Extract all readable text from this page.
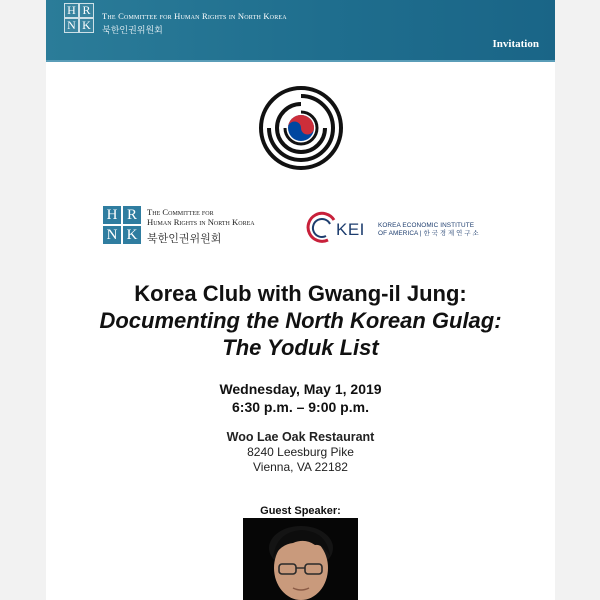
H R
N K
The Committee for Human Rights in North Korea
북한인권위원회
Invitation
H R
N K
The Committee for
Human Rights in North Korea
북한인권위원회	KEI KOREA ECONOMIC INSTITUTE
OF AMERICA | 한 국 경 제 연 구 소
Korea Club with Gwang-il Jung:
Documenting the North Korean Gulag:
The Yoduk List
Wednesday, May 1, 2019
6:30 p.m. – 9:00 p.m.
Woo Lae Oak Restaurant
8240 Leesburg Pike
Vienna, VA 22182
Guest Speaker:
